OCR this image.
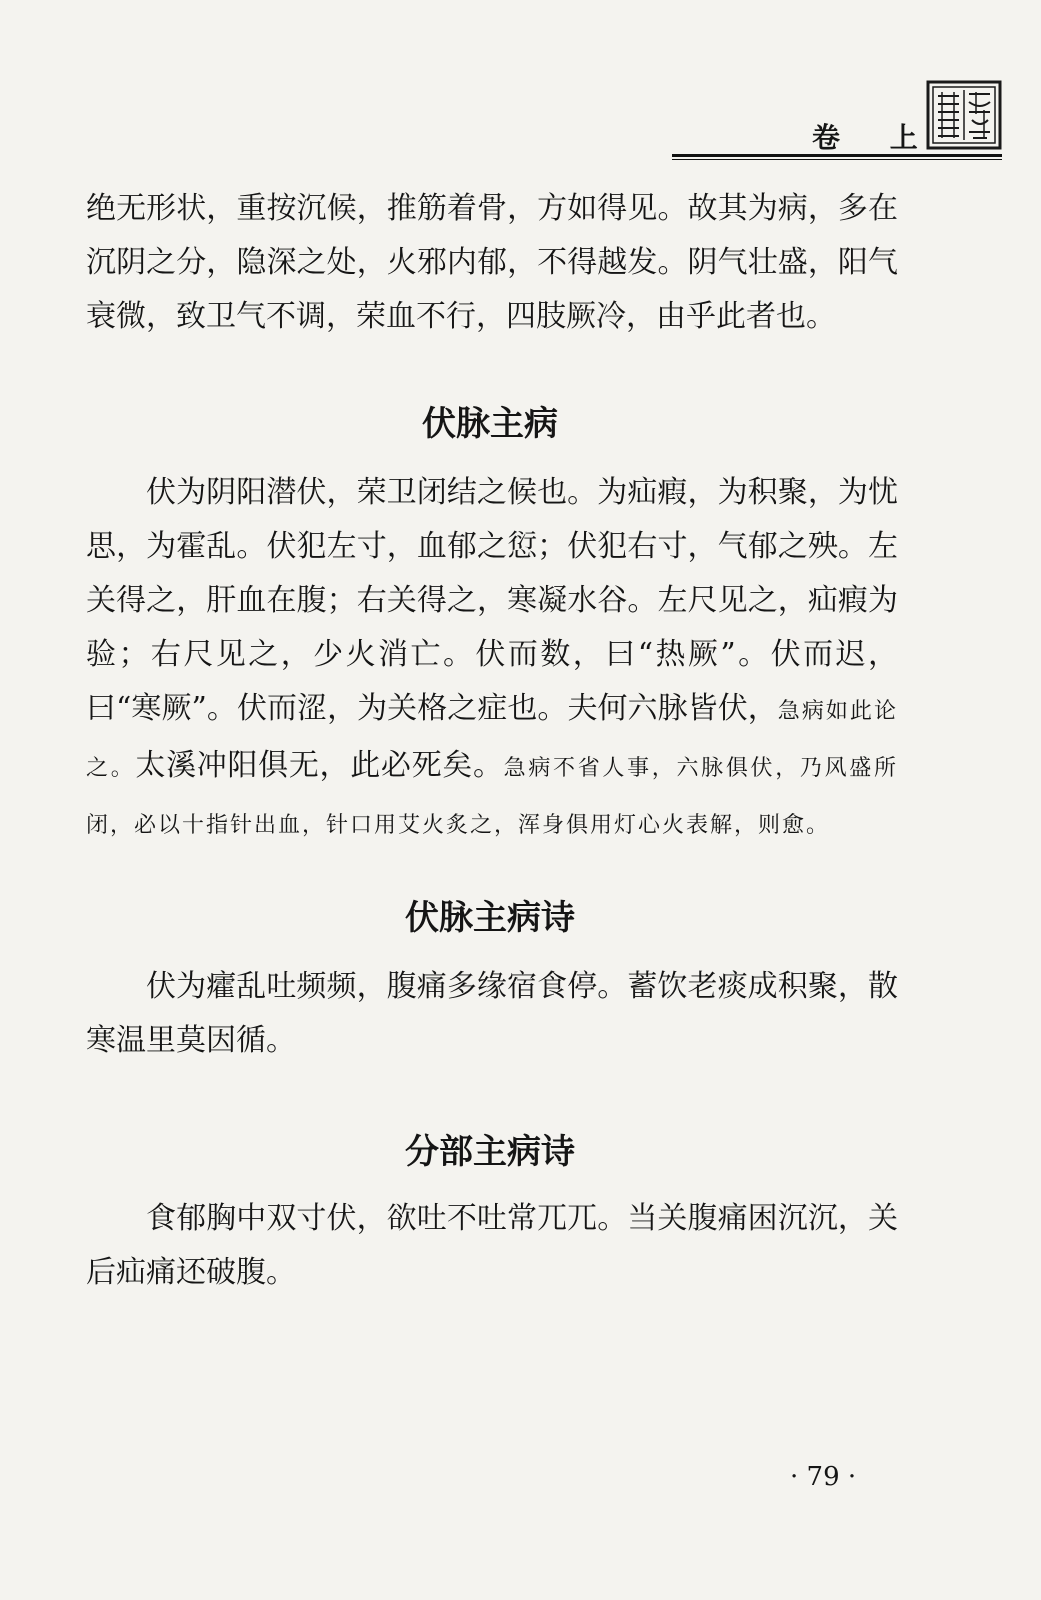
卷 上

绝无形状，重按沉候，推筋着骨，方如得见。故其为病，多在沉阴之分，隐深之处，火邪内郁，不得越发。阴气壮盛，阳气衰微，致卫气不调，荣血不行，四肢厥冷，由乎此者也。

伏脉主病

伏为阴阳潜伏，荣卫闭结之候也。为疝瘕，为积聚，为忧思，为霍乱。伏犯左寸，血郁之愆；伏犯右寸，气郁之殃。左关得之，肝血在腹；右关得之，寒凝水谷。左尺见之，疝瘕为验；右尺见之，少火消亡。伏而数，曰“热厥”。伏而迟，曰“寒厥”。伏而涩，为关格之症也。夫何六脉皆伏，急病如此论之。太溪冲阳俱无，此必死矣。急病不省人事，六脉俱伏，乃风盛所闭，必以十指针出血，针口用艾火炙之，浑身俱用灯心火表解，则愈。

伏脉主病诗

伏为癨乱吐频频，腹痛多缘宿食停。蓄饮老痰成积聚，散寒温里莫因循。

分部主病诗

食郁胸中双寸伏，欲吐不吐常兀兀。当关腹痛困沉沉，关后疝痛还破腹。

· 79 ·
